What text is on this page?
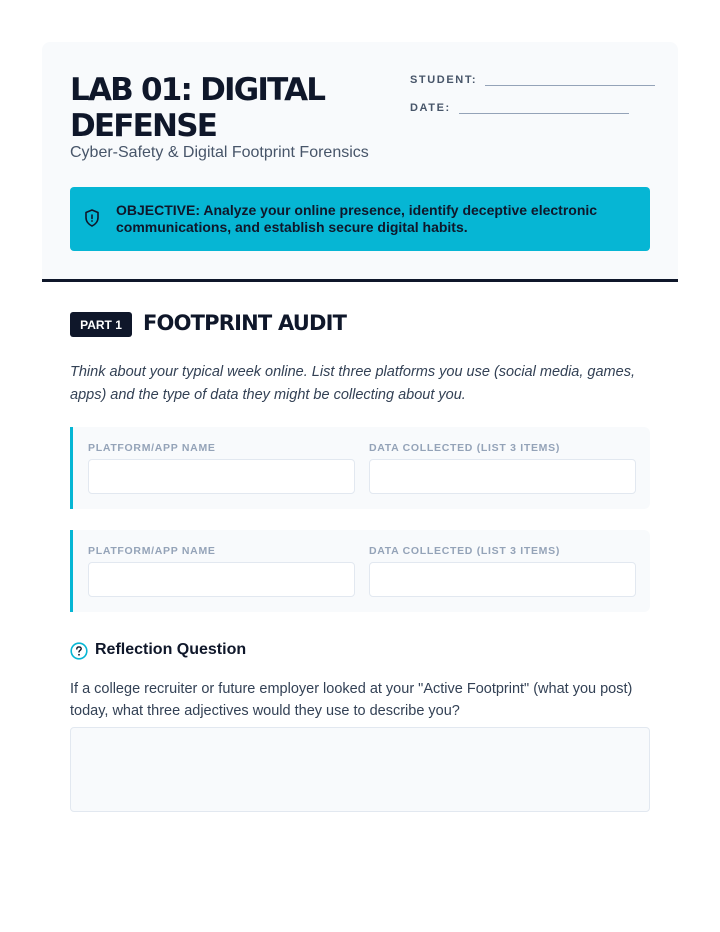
LAB 01: DIGITAL DEFENSE
Cyber-Safety & Digital Footprint Forensics
STUDENT:
DATE:
OBJECTIVE: Analyze your online presence, identify deceptive electronic communications, and establish secure digital habits.
PART 1	FOOTPRINT AUDIT
Think about your typical week online. List three platforms you use (social media, games, apps) and the type of data they might be collecting about you.
PLATFORM/APP NAME	DATA COLLECTED (LIST 3 ITEMS)
PLATFORM/APP NAME	DATA COLLECTED (LIST 3 ITEMS)
Reflection Question
If a college recruiter or future employer looked at your "Active Footprint" (what you post) today, what three adjectives would they use to describe you?
